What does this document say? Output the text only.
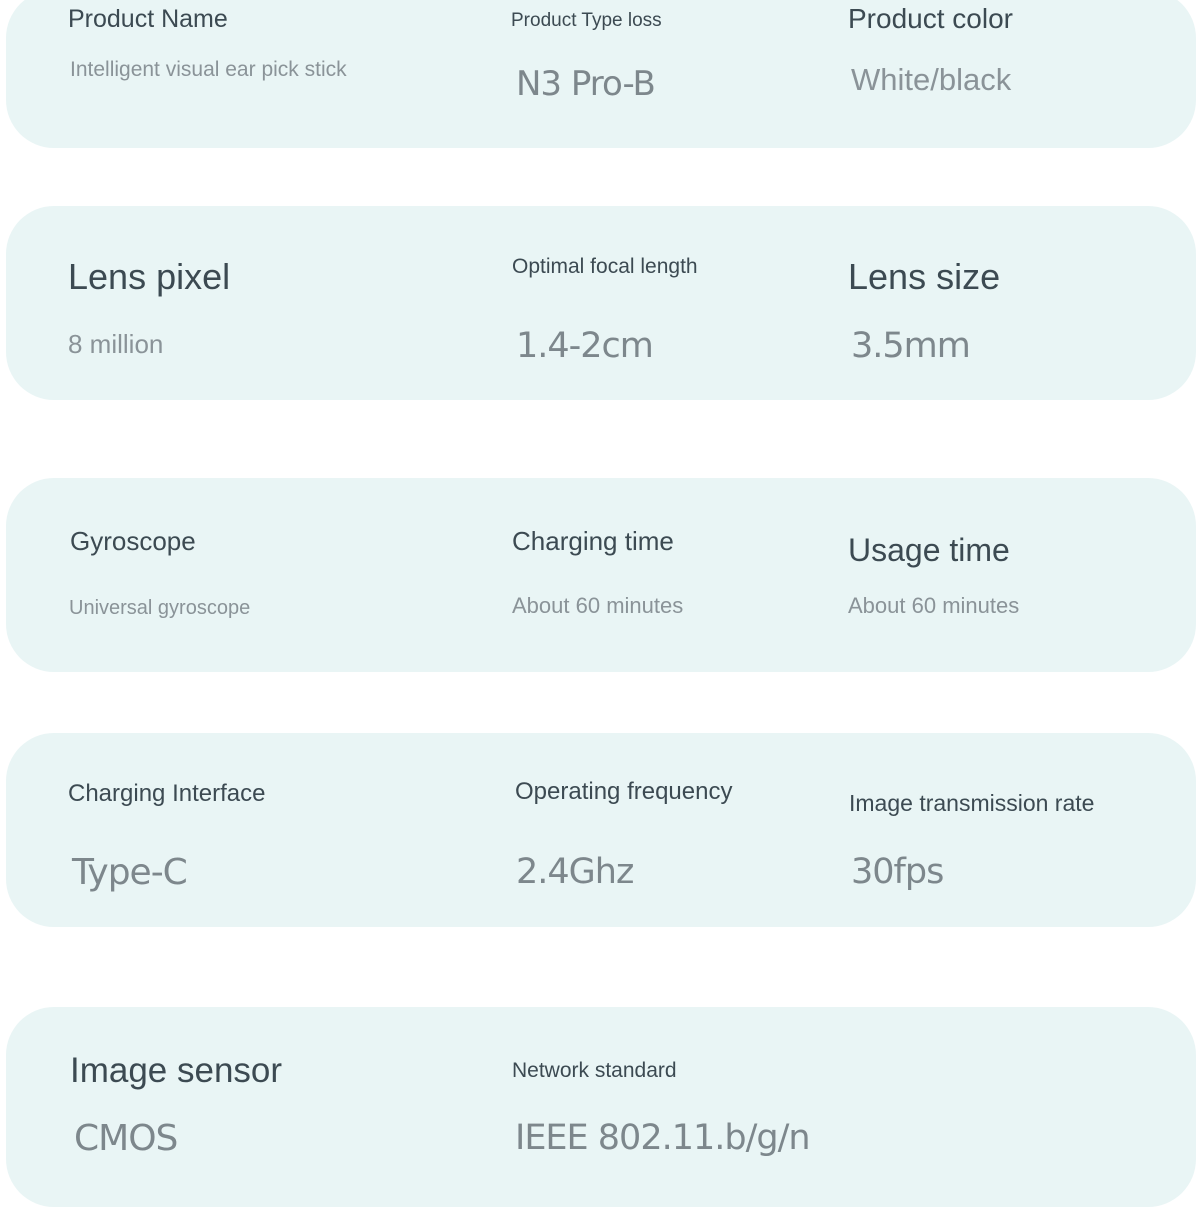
Product Name
Intelligent visual ear pick stick
Product Type loss
N3 Pro-B
Product color
White/black
Lens pixel
8 million
Optimal focal length
1.4-2cm
Lens size
3.5mm
Gyroscope
Universal gyroscope
Charging time
About 60 minutes
Usage time
About 60 minutes
Charging Interface
Type-C
Operating frequency
2.4Ghz
Image transmission rate
30fps
Image sensor
CMOS
Network standard
IEEE 802.11.b/g/n
